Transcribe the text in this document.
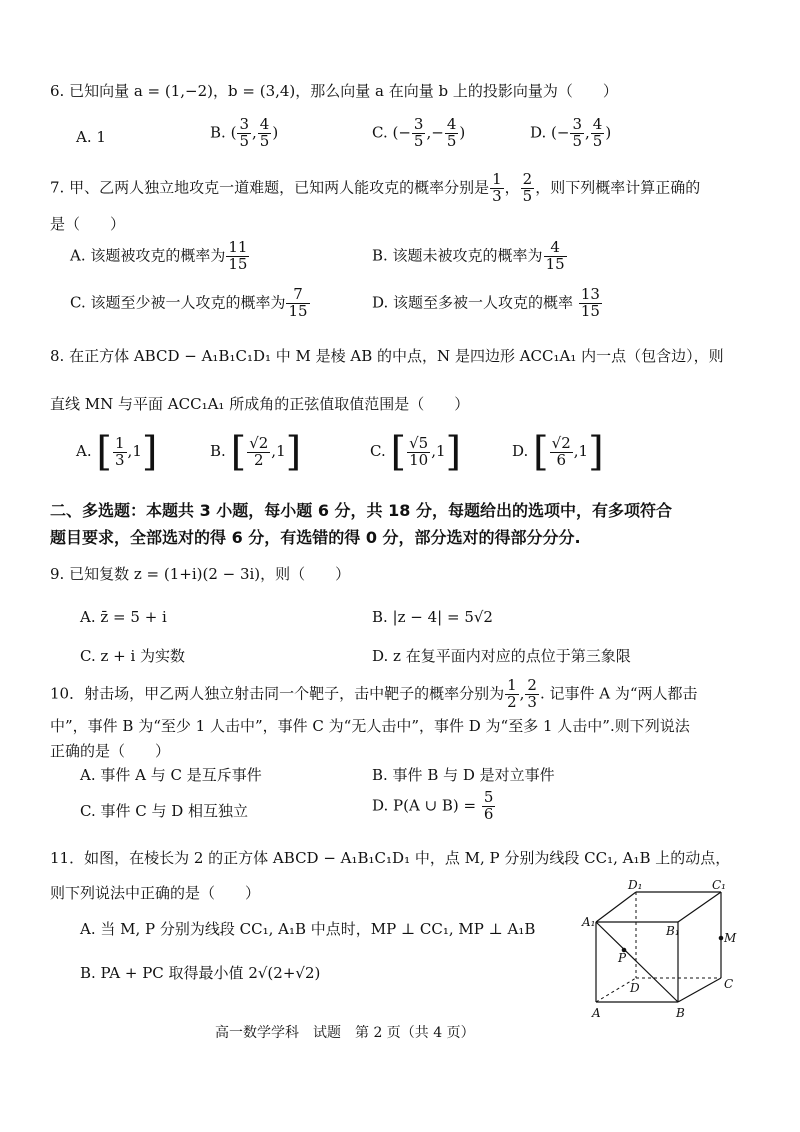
6. 已知向量 a = (1,−2)，b = (3,4)，那么向量 a 在向量 b 上的投影向量为（　　）
A. 1	B. ( $\frac{3}{5}$ , $\frac{4}{5}$ )	C. (− $\frac{3}{5}$ ,− $\frac{4}{5}$ )	D. (− $\frac{3}{5}$ , $\frac{4}{5}$ )
7. 甲、乙两人独立地攻克一道难题，已知两人能攻克的概率分别是 $\frac{1}{3}$ ， $\frac{2}{5}$ ，则下列概率计算正确的
是（　　）
A. 该题被攻克的概率为 $\frac{11}{15}$	B. 该题未被攻克的概率为 $\frac{4}{15}$
C. 该题至少被一人攻克的概率为 $\frac{7}{15}$	D. 该题至多被一人攻克的概率 $\frac{13}{15}$
8. 在正方体 ABCD − A₁B₁C₁D₁ 中 M 是棱 AB 的中点，N 是四边形 ACC₁A₁ 内一点（包含边），则
直线 MN 与平面 ACC₁A₁ 所成角的正弦值取值范围是（　　）
A. [ $\frac{1}{3} ,1$]	B. [ $\frac{√2}{2} ,1$]	C. [ $\frac{√5}{10} ,1$]	D. [ $\frac{√2}{6} ,1$]
二、多选题：本题共 3 小题，每小题 6 分，共 18 分，每题给出的选项中，有多项符合
题目要求，全部选对的得 6 分，有选错的得 0 分，部分选对的得部分分分.
9. 已知复数 z = (1+i)(2 − 3i)，则（　　）
A. z̄ = 5 + i	B. |z − 4| = 5√2
C. z + i 为实数	D. z 在复平面内对应的点位于第三象限
10．射击场，甲乙两人独立射击同一个靶子，击中靶子的概率分别为 $\frac{1}{2}$ , $\frac{2}{3}$ . 记事件 A 为“两人都击
中”，事件 B 为“至少 1 人击中”，事件 C 为“无人击中”，事件 D 为“至多 1 人击中”.则下列说法
正确的是（　　）
A. 事件 A 与 C 是互斥事件	B. 事件 B 与 D 是对立事件
C. 事件 C 与 D 相互独立	D. P(A ∪ $B) = \frac{5}{6}$
11．如图，在棱长为 2 的正方体 ABCD − A₁B₁C₁D₁ 中，点 M, P 分别为线段 CC₁, A₁B 上的动点，
则下列说法中正确的是（　　）
A. 当 M, P 分别为线段 CC₁, A₁B 中点时，MP ⊥ CC₁, MP ⊥ A₁B
B. PA + PC 取得最小值 2√(2+√2)
A₁
B₁
D₁	C₁
M
P
D	C
A	B
高一数学学科　试题　第 2 页（共 4 页）
